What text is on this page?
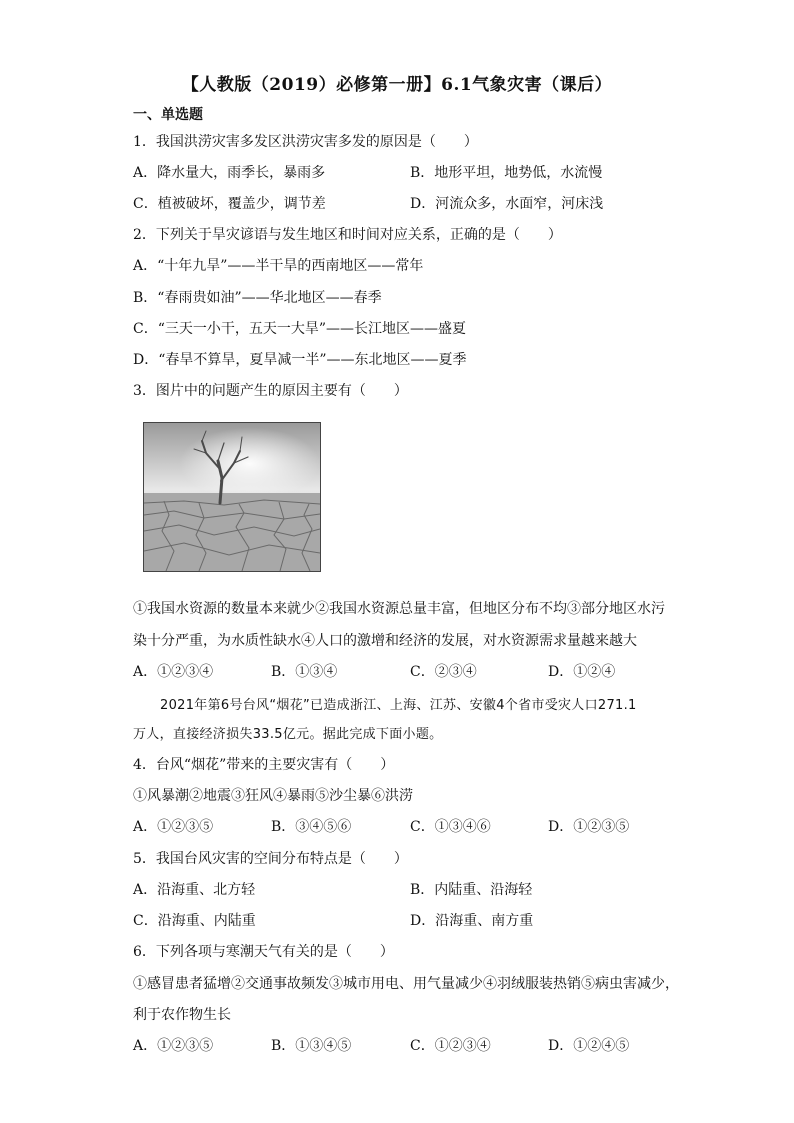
【人教版（2019）必修第一册】6.1气象灾害（课后）
一、单选题
1．我国洪涝灾害多发区洪涝灾害多发的原因是（　　）
A．降水量大，雨季长，暴雨多	B．地形平坦，地势低，水流慢
C．植被破坏，覆盖少，调节差	D．河流众多，水面窄，河床浅
2．下列关于旱灾谚语与发生地区和时间对应关系，正确的是（　　）
A．“十年九旱”——半干旱的西南地区——常年
B．“春雨贵如油”——华北地区——春季
C．“三天一小干，五天一大旱”——长江地区——盛夏
D．“春旱不算旱，夏旱减一半”——东北地区——夏季
3．图片中的问题产生的原因主要有（　　）
①我国水资源的数量本来就少②我国水资源总量丰富，但地区分布不均③部分地区水污
染十分严重，为水质性缺水④人口的激增和经济的发展，对水资源需求量越来越大
A．①②③④	B．①③④	C．②③④	D．①②④
2021年第6号台风“烟花”已造成浙江、上海、江苏、安徽4个省市受灾人口271.1
万人，直接经济损失33.5亿元。据此完成下面小题。
4．台风“烟花”带来的主要灾害有（　　）
①风暴潮②地震③狂风④暴雨⑤沙尘暴⑥洪涝
A．①②③⑤	B．③④⑤⑥	C．①③④⑥	D．①②③⑤
5．我国台风灾害的空间分布特点是（　　）
A．沿海重、北方轻	B．内陆重、沿海轻
C．沿海重、内陆重	D．沿海重、南方重
6．下列各项与寒潮天气有关的是（　　）
①感冒患者猛增②交通事故频发③城市用电、用气量减少④羽绒服装热销⑤病虫害减少，
利于农作物生长
A．①②③⑤	B．①③④⑤	C．①②③④	D．①②④⑤
